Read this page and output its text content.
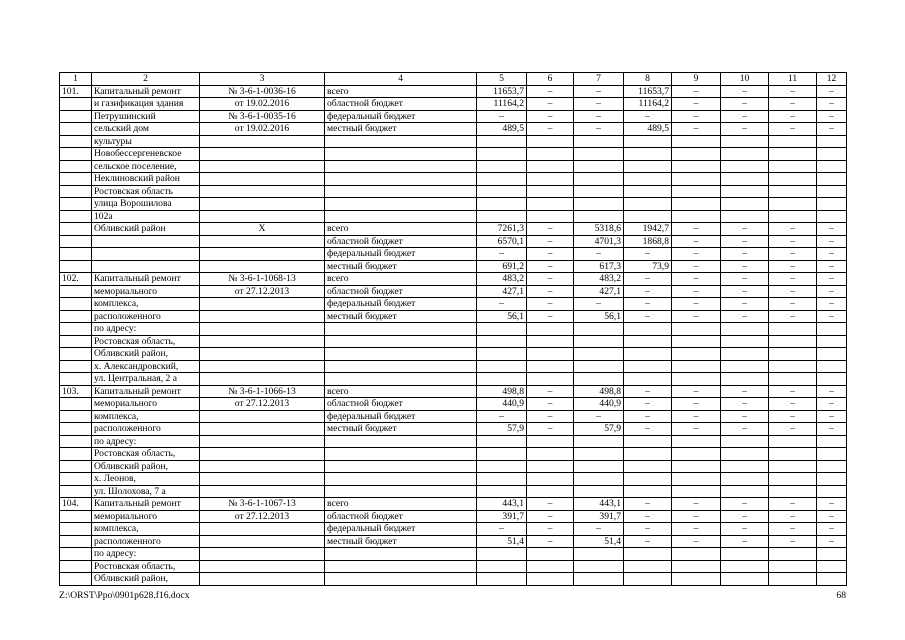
1	2	3	4	5	6	7	8	9	10	11	12
101.	Капитальный ремонт	№ 3-6-1-0036-16	всего	11653,7	–	–	11653,7	–	–	–	–
	и газификация здания	от 19.02.2016	областной бюджет	11164,2	–	–	11164,2	–	–	–	–
	Петрушинский	№ 3-6-1-0035-16	федеральный бюджет	–	–	–	–	–	–	–	–
	сельский дом	от 19.02.2016	местный бюджет	489,5	–	–	489,5	–	–	–	–
	культуры										
	Новобессергеневское										
	сельское поселение,										
	Неклиновский район										
	Ростовская область										
	улица Ворошилова										
	102а										
	Обливский район	Х	всего	7261,3	–	5318,6	1942,7	–	–	–	–
			областной бюджет	6570,1	–	4701,3	1868,8	–	–	–	–
			федеральный бюджет	–	–	–	–	–	–	–	–
			местный бюджет	691,2	–	617,3	73,9	–	–	–	–
102.	Капитальный ремонт	№ 3-6-1-1068-13	всего	483,2	–	483,2	–	–	–	–	–
	мемориального	от 27.12.2013	областной бюджет	427,1	–	427,1	–	–	–	–	–
	комплекса,		федеральный бюджет	–	–	–	–	–	–	–	–
	расположенного		местный бюджет	56,1	–	56,1	–	–	–	–	–
	по адресу:										
	Ростовская область,										
	Обливский район,										
	х. Александровский,										
	ул. Центральная, 2 а										
103.	Капитальный ремонт	№ 3-6-1-1066-13	всего	498,8	–	498,8	–	–	–	–	–
	мемориального	от 27.12.2013	областной бюджет	440,9	–	440,9	–	–	–	–	–
	комплекса,		федеральный бюджет	–	–	–	–	–	–	–	–
	расположенного		местный бюджет	57,9	–	57,9	–	–	–	–	–
	по адресу:										
	Ростовская область,										
	Обливский район,										
	х. Леонов,										
	ул. Шолохова, 7 а										
104.	Капитальный ремонт	№ 3-6-1-1067-13	всего	443,1	–	443,1	–	–	–	–	–
	мемориального	от 27.12.2013	областной бюджет	391,7	–	391,7	–	–	–	–	–
	комплекса,		федеральный бюджет	–	–	–	–	–	–	–	–
	расположенного		местный бюджет	51,4	–	51,4	–	–	–	–	–
	по адресу:										
	Ростовская область,										
	Обливский район,										
Z:\ORST\Ppo\0901p628.f16.docx	68
